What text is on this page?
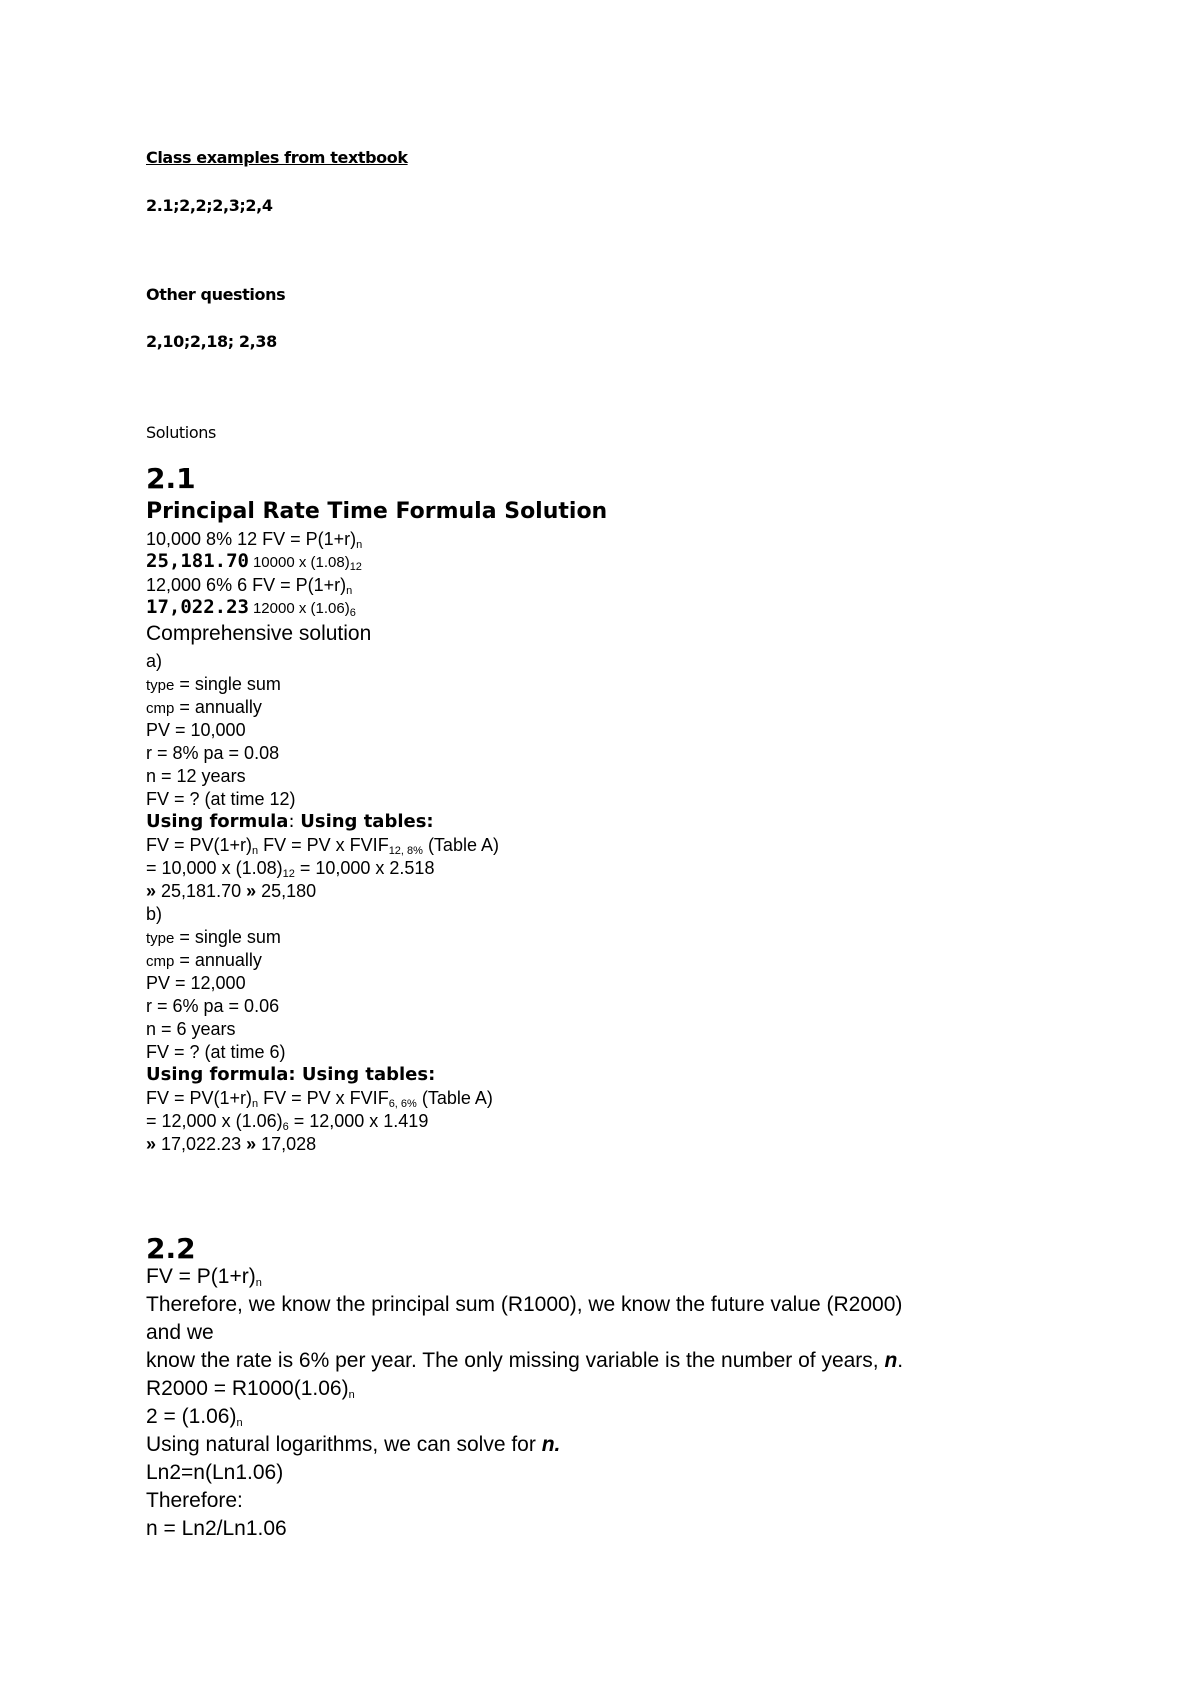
Class examples from textbook
2.1;2,2;2,3;2,4
Other questions
2,10;2,18; 2,38
Solutions
2.1
Principal Rate Time Formula Solution
10,000 8% 12 FV = $P(1+r)_n$
25,181.70 10000 x $(1.08)_{12}$
12,000 6% 6 FV = $P(1+r)_n$
17,022.23 12000 x $(1.06)_6$
Comprehensive solution
a)
type = single sum
cmp = annually
PV = 10,000
r = 8% pa = 0.08
n = 12 years
FV = ? (at time 12)
Using formula: Using tables:
FV = $PV(1+r)_n$ FV = PV x $FVIF_{12, 8\%}$ (Table A)
= 10,000 x $(1.08)_{12} = 10,000$ x 2.518
» 25,181.70 » 25,180
b)
type = single sum
cmp = annually
PV = 12,000
r = 6% pa = 0.06
n = 6 years
FV = ? (at time 6)
Using formula: Using tables:
FV = $PV(1+r)_n$ FV = PV x $FVIF_{6, 6\%}$ (Table A)
= 12,000 x $(1.06)_6 = 12,000$ x 1.419
» 17,022.23 » 17,028
2.2
FV = $P(1+r)_n$
Therefore, we know the principal sum (R1000), we know the future value (R2000)
and we
know the rate is 6% per year. The only missing variable is the number of years, n.
$R2000 = R1000(1.06)_n$
$2 = (1.06)_n$
Using natural logarithms, we can solve for n.
Ln2=n(Ln1.06)
Therefore:
n = Ln2/Ln1.06
